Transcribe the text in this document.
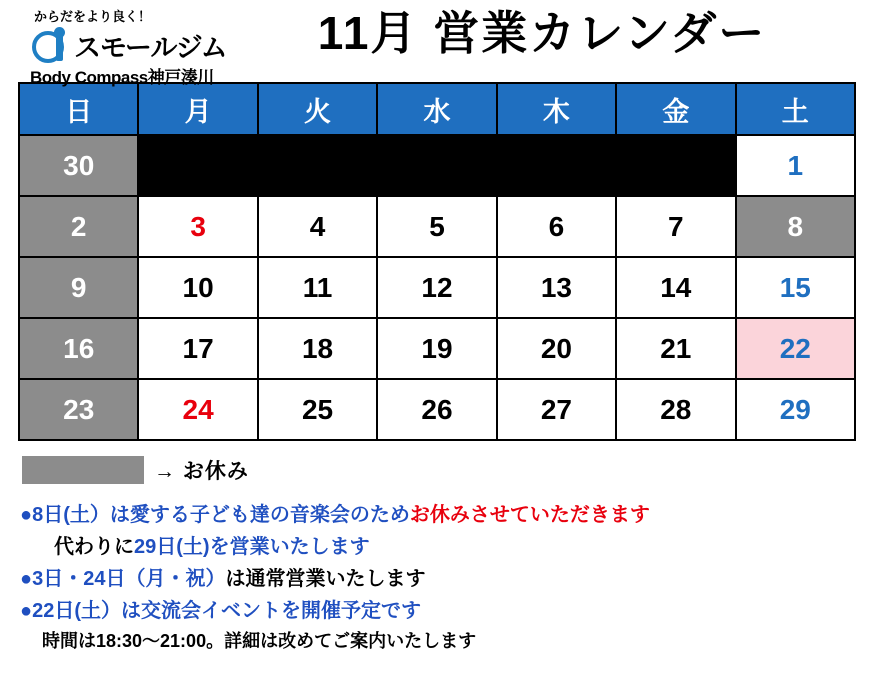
からだをより良く！
スモールジム
Body Compass神戸湊川
11月 営業カレンダー
日	月	火	水	木	金	土
30						1
2	3	4	5	6	7	8
9	10	11	12	13	14	15
16	17	18	19	20	21	22
23	24	25	26	27	28	29
→ お休み
●8日(土）は愛する子ども達の音楽会のためお休みさせていただきます
代わりに29日(土)を営業いたします
●3日・24日（月・祝）は通常営業いたします
●22日(土）は交流会イベントを開催予定です
時間は18:30〜21:00。詳細は改めてご案内いたします
